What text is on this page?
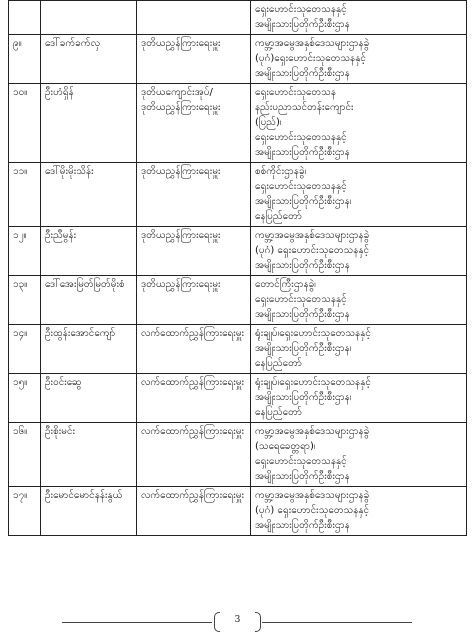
			ရှေးဟောင်းသုတေသနနှင့်
အမျိုးသားပြတိုက်ဦးစီးဌာန

၉။	ဒေါ်ခက်ခက်လှ	ဒုတိယညွှန်ကြားရေးမှူး	ကမ္ဘာ့အမွေအနှစ်ဒေသများဌာနခွဲ
(ပုဂံ)ရှေးဟောင်းသုတေသနနှင့်
အမျိုးသားပြတိုက်ဦးစီးဌာန

၁၀။	ဦးဟံရှိန်	ဒုတိယကျောင်းအုပ်/
ဒုတိယညွှန်ကြားရေးမှူး	ရှေးဟောင်းသုတေသန
နည်းပညာသင်တန်းကျောင်း
(ပြည်)၊
ရှေးဟောင်းသုတေသနနှင့်
အမျိုးသားပြတိုက်ဦးစီးဌာန

၁၁။	ဒေါ်မိုးမိုးသိန်း	ဒုတိယညွှန်ကြားရေးမှူး	စစ်ကိုင်းဌာနခွဲ၊
ရှေးဟောင်းသုတေသနနှင့်
အမျိုးသားပြတိုက်ဦးစီးဌာန၊
နေပြည်တော်

၁၂။	ဦးညီမွန်း	ဒုတိယညွှန်ကြားရေးမှူး	ကမ္ဘာ့အမွေအနှစ်ဒေသများဌာနခွဲ
(ပုဂံ) ရှေးဟောင်းသုတေသနနှင့်
အမျိုးသားပြတိုက်ဦးစီးဌာန

၁၃။	ဒေါ်အေးမြတ်မြတ်မိုးစံ	ဒုတိယညွှန်ကြားရေးမှူး	တောင်ကြီးဌာနခွဲ၊
ရှေးဟောင်းသုတေသနနှင့်
အမျိုးသားပြတိုက်ဦးစီးဌာန

၁၄။	ဦးထွန်းအောင်ကျော်	လက်ထောက်ညွှန်ကြားရေးမှူး	ရုံးချုပ်၊ရှေးဟောင်းသုတေသနနှင့်
အမျိုးသားပြတိုက်ဦးစီးဌာန၊
နေပြည်တော်

၁၅။	ဦးဝင်းဆွေ	လက်ထောက်ညွှန်ကြားရေးမှူး	ရုံးချုပ်၊ရှေးဟောင်းသုတေသနနှင့်
အမျိုးသားပြတိုက်ဦးစီးဌာန၊
နေပြည်တော်

၁၆။	ဦးစိုးမင်း	လက်ထောက်ညွှန်ကြားရေးမှူး	ကမ္ဘာ့အမွေအနှစ်ဒေသများဌာနခွဲ
(သရေခေတ္တရာ)၊
ရှေးဟောင်းသုတေသနနှင့်
အမျိုးသားပြတိုက်ဦးစီးဌာန

၁၇။	ဦးမောင်မောင်နန်းနွယ်	လက်ထောက်ညွှန်ကြားရေးမှူး	ကမ္ဘာ့အမွေအနှစ်ဒေသများဌာနခွဲ
(ပုဂံ) ရှေးဟောင်းသုတေသနနှင့်
အမျိုးသားပြတိုက်ဦးစီးဌာန
3
